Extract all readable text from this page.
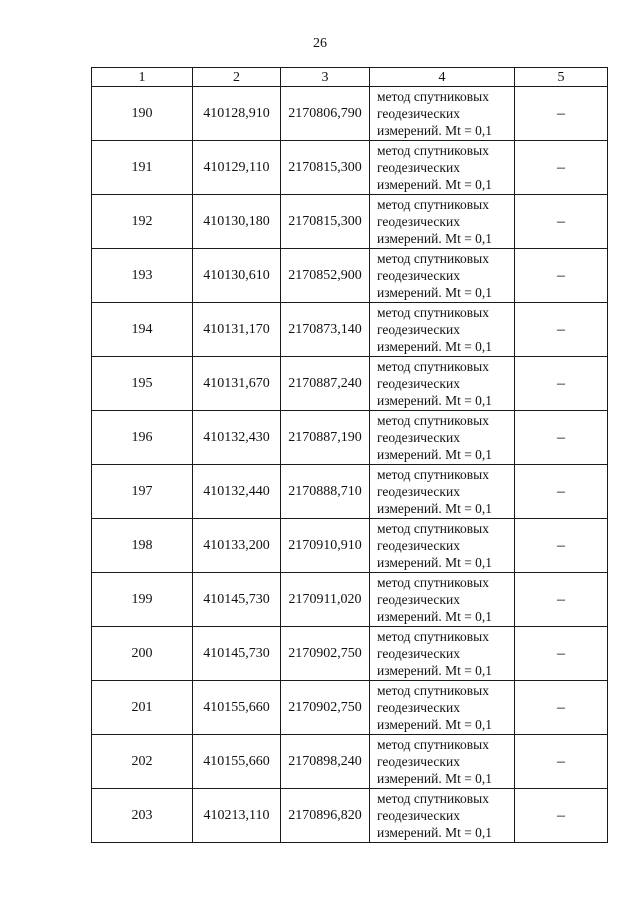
26
1	2	3	4	5
190	410128,910	2170806,790	метод спутниковых
геодезических
измерений. Mt = 0,1	–
191	410129,110	2170815,300	метод спутниковых
геодезических
измерений. Mt = 0,1	–
192	410130,180	2170815,300	метод спутниковых
геодезических
измерений. Mt = 0,1	–
193	410130,610	2170852,900	метод спутниковых
геодезических
измерений. Mt = 0,1	–
194	410131,170	2170873,140	метод спутниковых
геодезических
измерений. Mt = 0,1	–
195	410131,670	2170887,240	метод спутниковых
геодезических
измерений. Mt = 0,1	–
196	410132,430	2170887,190	метод спутниковых
геодезических
измерений. Mt = 0,1	–
197	410132,440	2170888,710	метод спутниковых
геодезических
измерений. Mt = 0,1	–
198	410133,200	2170910,910	метод спутниковых
геодезических
измерений. Mt = 0,1	–
199	410145,730	2170911,020	метод спутниковых
геодезических
измерений. Mt = 0,1	–
200	410145,730	2170902,750	метод спутниковых
геодезических
измерений. Mt = 0,1	–
201	410155,660	2170902,750	метод спутниковых
геодезических
измерений. Mt = 0,1	–
202	410155,660	2170898,240	метод спутниковых
геодезических
измерений. Mt = 0,1	–
203	410213,110	2170896,820	метод спутниковых
геодезических
измерений. Mt = 0,1	–
